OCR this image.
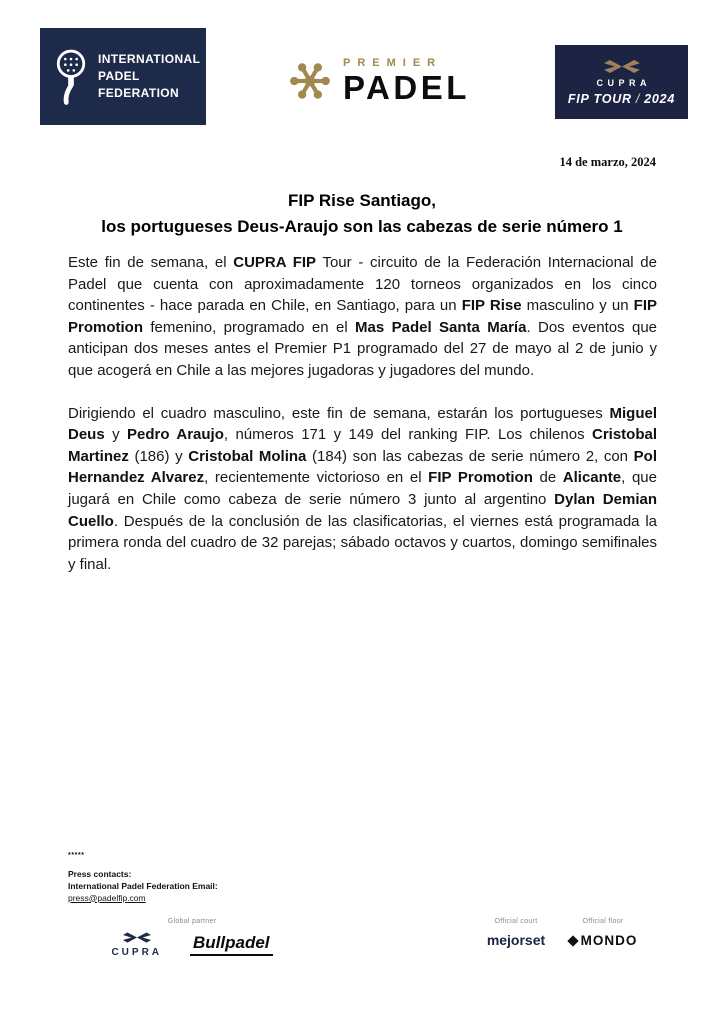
INTERNATIONAL
PADEL
FEDERATION
PREMIER
PADEL	CUPRA
FIP TOUR / 2024
14 de marzo, 2024
FIP Rise Santiago,
los portugueses Deus-Araujo son las cabezas de serie número 1

Este fin de semana, el CUPRA FIP Tour - circuito de la Federación Internacional de Padel que cuenta con aproximadamente 120 torneos organizados en los cinco continentes - hace parada en Chile, en Santiago, para un FIP Rise masculino y un FIP Promotion femenino, programado en el Mas Padel Santa María. Dos eventos que anticipan dos meses antes el Premier P1 programado del 27 de mayo al 2 de junio y que acogerá en Chile a las mejores jugadoras y jugadores del mundo.

Dirigiendo el cuadro masculino, este fin de semana, estarán los portugueses Miguel Deus y Pedro Araujo, números 171 y 149 del ranking FIP. Los chilenos Cristobal Martinez (186) y Cristobal Molina (184) son las cabezas de serie número 2, con Pol Hernandez Alvarez, recientemente victorioso en el FIP Promotion de Alicante, que jugará en Chile como cabeza de serie número 3 junto al argentino Dylan Demian Cuello. Después de la conclusión de las clasificatorias, el viernes está programada la primera ronda del cuadro de 32 parejas; sábado octavos y cuartos, domingo semifinales y final.

*****
Press contacts:
International Padel Federation Email:
press@padelfip.com
Global partner
CUPRA
Bullpadel
Official court
mejorset
Official floor
MONDO
